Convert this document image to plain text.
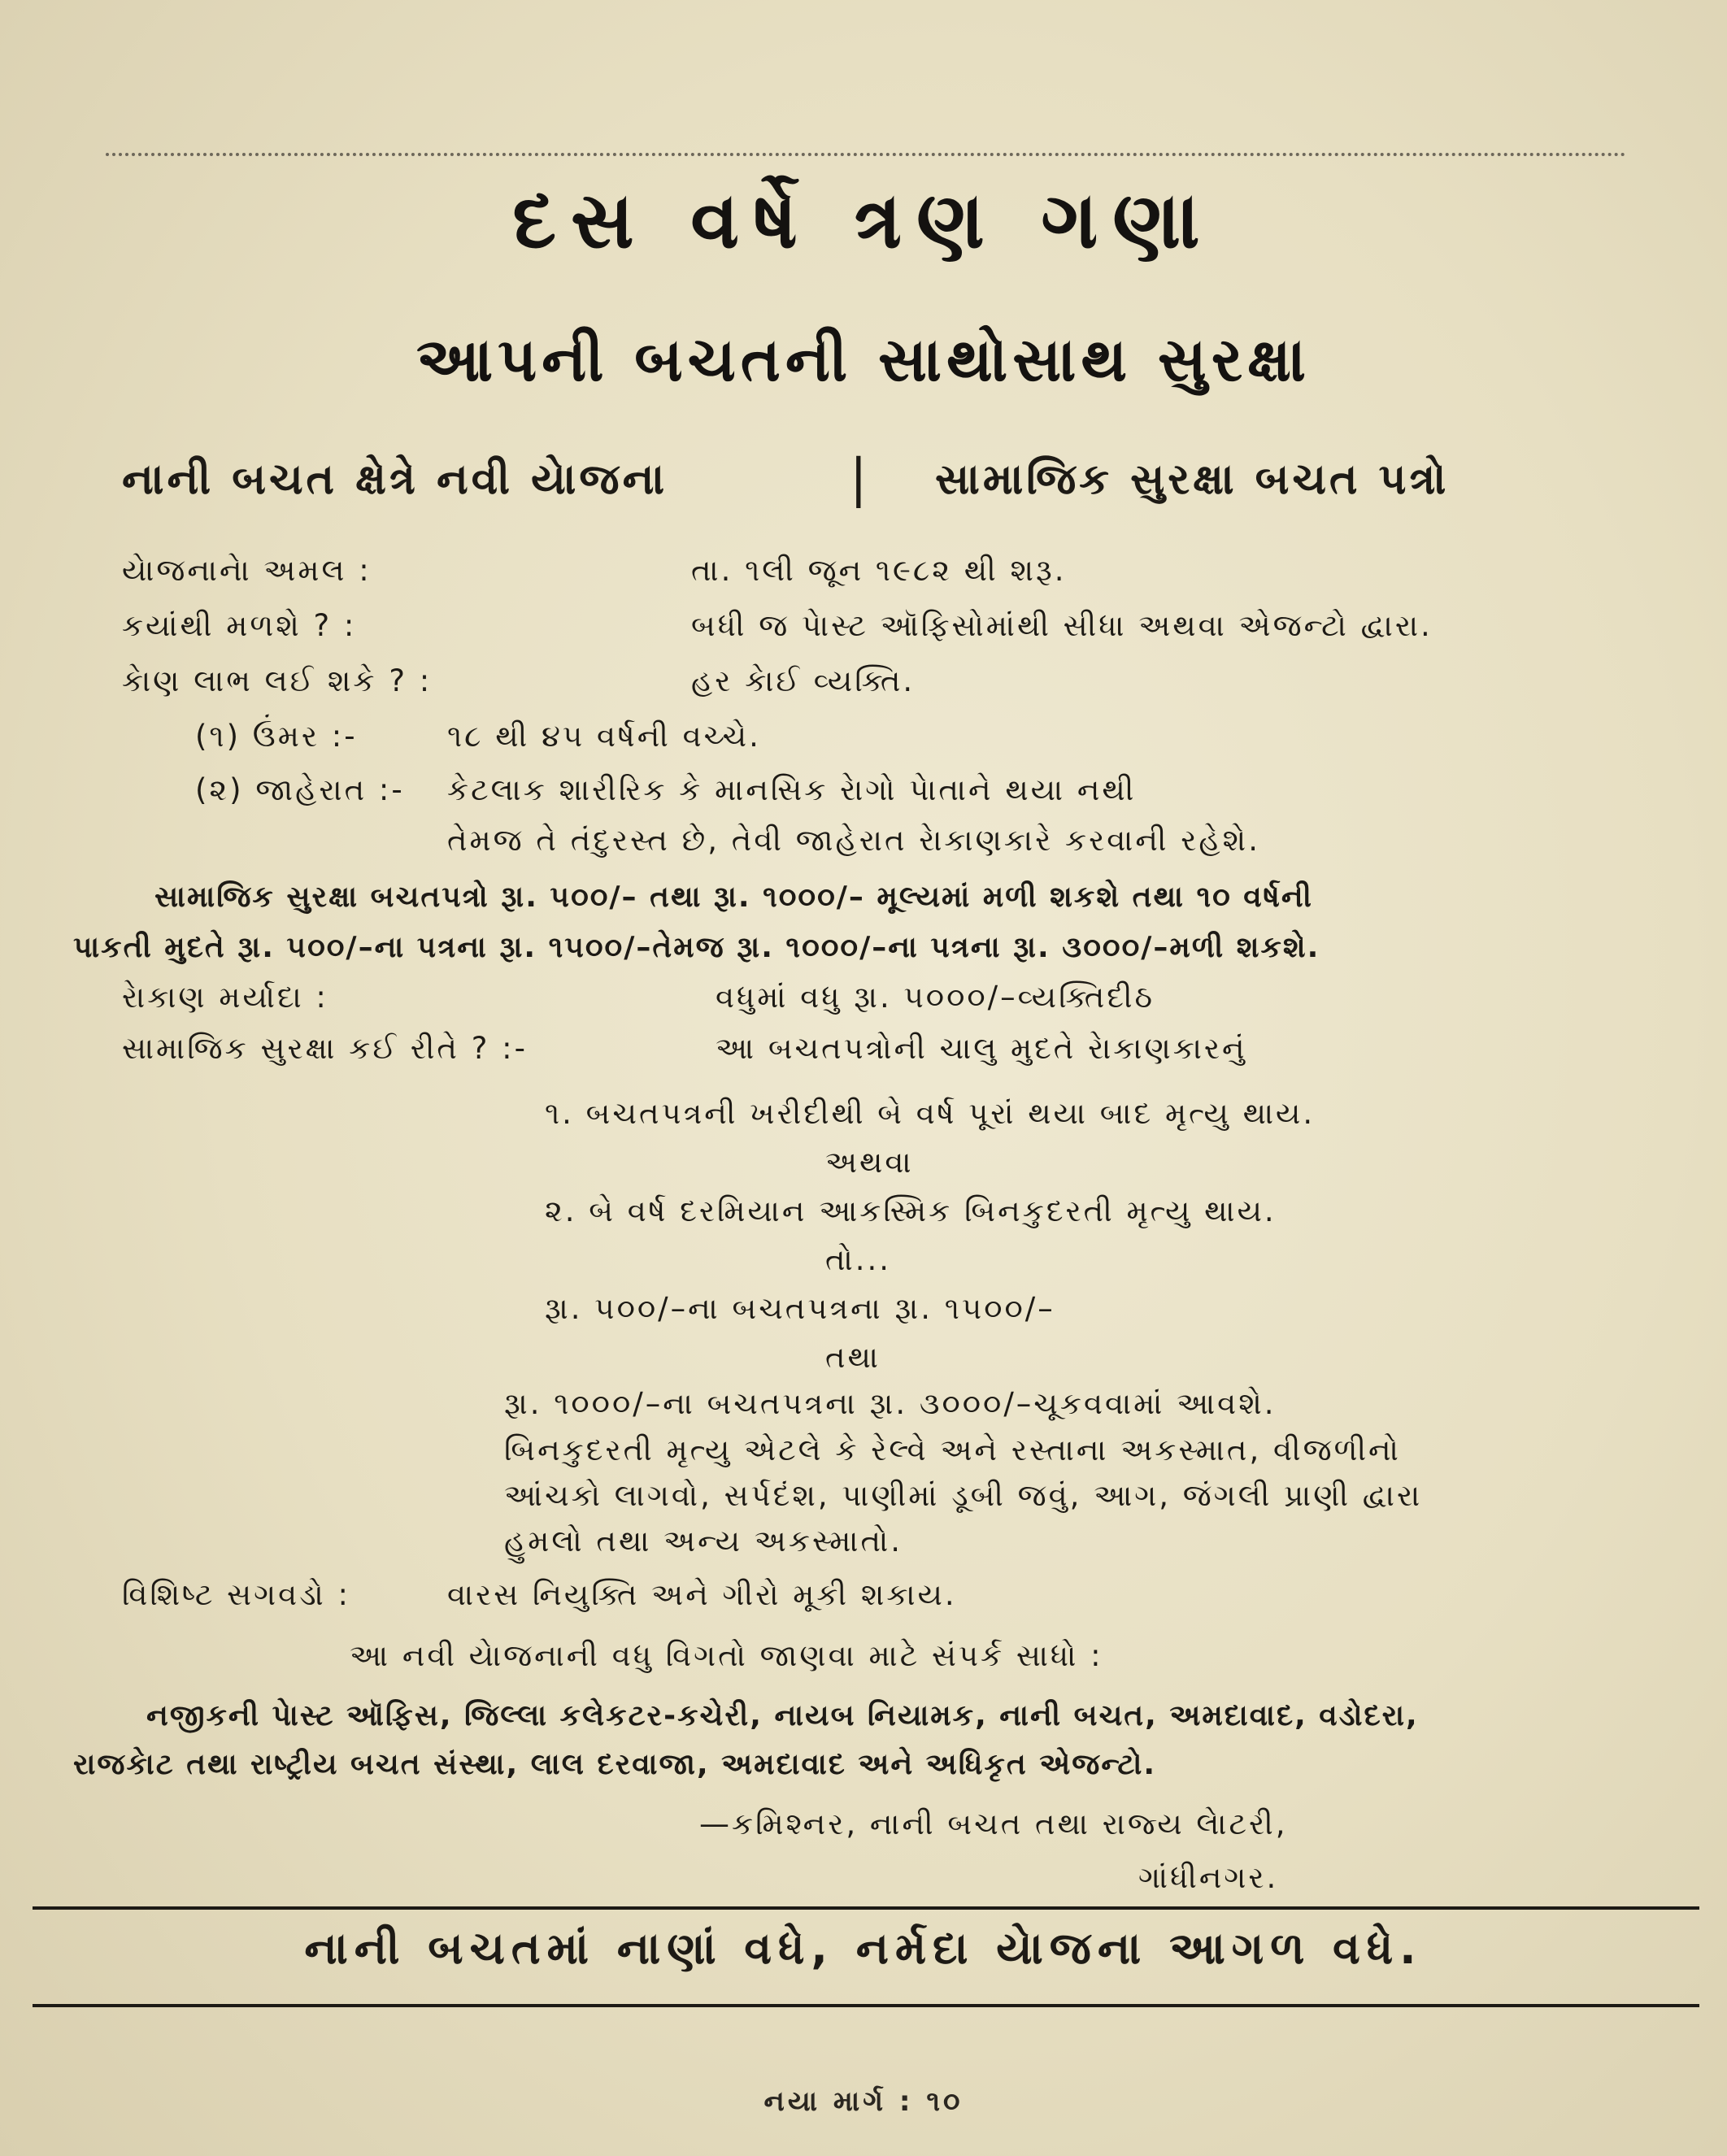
દસ વર્ષે ત્રણ ગણા
આપની બચતની સાથોસાથ સુરક્ષા
નાની બચત ક્ષેત્રે નવી યેાજના	| સામાજિક સુરક્ષા બચત પત્રો
યેાજનાનેા અમલ :	તા. ૧લી જૂન ૧૯૮૨ થી શરૂ.
કયાંથી મળશે ? :	બધી જ પેાસ્ટ ઑફિસોમાંથી સીધા અથવા એજન્ટો દ્વારા.
કેાણ લાભ લઈ શકે ? :	હર કેાઈ વ્યક્તિ.
(૧) ઉંમર :-	૧૮ થી ૪૫ વર્ષની વચ્ચે.
(૨) જાહેરાત :- કેટલાક શારીરિક કે માનસિક રેાગો પેાતાને થયા નથી
તેમજ તે તંદુરસ્ત છે, તેવી જાહેરાત રેાકાણકારે કરવાની રહેશે.
સામાજિક સુરક્ષા બચતપત્રો રૂા. ૫૦૦/– તથા રૂા. ૧૦૦૦/– મૂલ્યમાં મળી શકશે તથા ૧૦ વર્ષની
પાકતી મુદતે રૂા. ૫૦૦/–ના પત્રના રૂા. ૧૫૦૦/–તેમજ રૂા. ૧૦૦૦/–ના પત્રના રૂા. ૩૦૦૦/–મળી શકશે.
રેાકાણ મર્યાદા :	વધુમાં વધુ રૂા. ૫૦૦૦/–વ્યક્તિદીઠ
સામાજિક સુરક્ષા કઈ રીતે ? :-	આ બચતપત્રોની ચાલુ મુદતે રેાકાણકારનું
૧. બચતપત્રની ખરીદીથી બે વર્ષ પૂરાં થયા બાદ મૃત્યુ થાય.
અથવા
૨. બે વર્ષ દરમિયાન આકસ્મિક બિનકુદરતી મૃત્યુ થાય.
તો...
રૂા. ૫૦૦/–ના બચતપત્રના રૂા. ૧૫૦૦/–
તથા
રૂા. ૧૦૦૦/–ના બચતપત્રના રૂા. ૩૦૦૦/–ચૂકવવામાં આવશે.
બિનકુદરતી મૃત્યુ એટલે કે રેલ્વે અને રસ્તાના અકસ્માત, વીજળીનો
આંચકો લાગવો, સર્પદંશ, પાણીમાં ડૂબી જવું, આગ, જંગલી પ્રાણી દ્વારા
હુમલો તથા અન્ય અકસ્માતો.
વિશિષ્ટ સગવડો :	વારસ નિયુક્તિ અને ગીરો મૂકી શકાય.
આ નવી યેાજનાની વધુ વિગતો જાણવા માટે સંપર્ક સાધો :
નજીકની પેાસ્ટ ઑફિસ, જિલ્લા કલેકટર-કચેરી, નાયબ નિયામક, નાની બચત, અમદાવાદ, વડોદરા,
રાજકેાટ તથા રાષ્ટ્રીય બચત સંસ્થા, લાલ દરવાજા, અમદાવાદ અને અધિકૃત એજન્ટો.
—કમિશ્નર, નાની બચત તથા રાજ્ય લેાટરી,
ગાંધીનગર.
નાની બચતમાં નાણાં વધે, નર્મદા યેાજના આગળ વધે.
નયા માર્ગ : ૧૦
